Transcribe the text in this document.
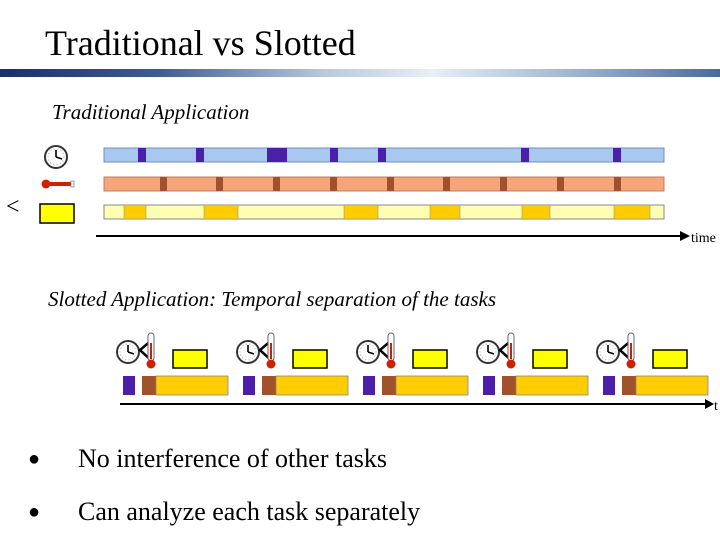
Traditional vs Slotted
Traditional Application
Slotted Application: Temporal separation of the tasks
<
time
t
●	No interference of other tasks
●	Can analyze each task separately
